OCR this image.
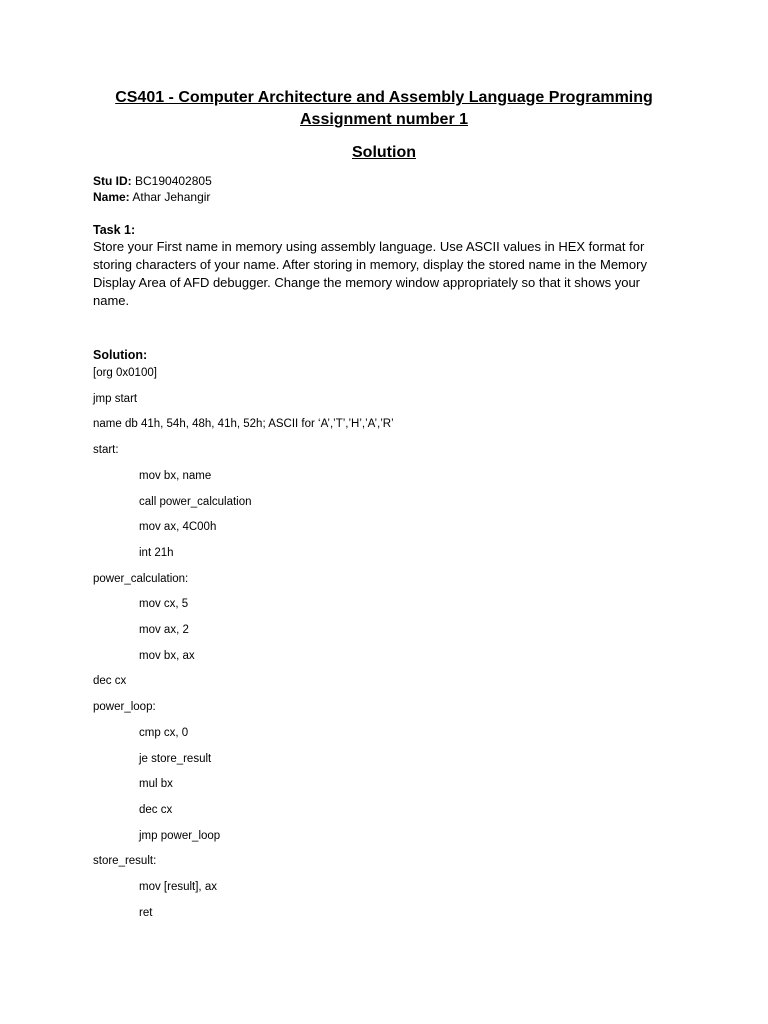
CS401 - Computer Architecture and Assembly Language Programming
Assignment number 1
Solution
Stu ID: BC190402805
Name: Athar Jehangir
Task 1:

Store your First name in memory using assembly language. Use ASCII values in HEX format for storing characters of your name. After storing in memory, display the stored name in the Memory Display Area of AFD debugger. Change the memory window appropriately so that it shows your name.

Solution:
[org 0x0100]
jmp start
name db 41h, 54h, 48h, 41h, 52h; ASCII for ‘A’,’T’,’H’,’A’,’R’
start:
mov bx, name
call power_calculation
mov ax, 4C00h
int 21h
power_calculation:
mov cx, 5
mov ax, 2
mov bx, ax
dec cx
power_loop:
cmp cx, 0
je store_result
mul bx
dec cx
jmp power_loop
store_result:
mov [result], ax
ret
